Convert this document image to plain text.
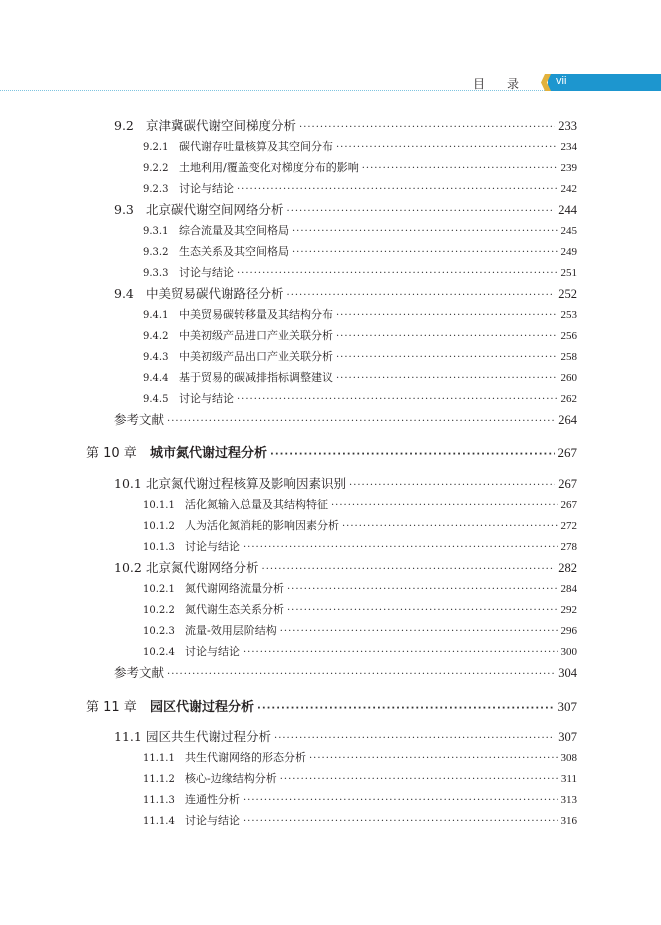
目录 vii
9.2 京津冀碳代谢空间梯度分析 ·····	233
9.2.1 碳代谢存吐量核算及其空间分布 ·····	234
9.2.2 土地利用/覆盖变化对梯度分布的影响 ·····	239
9.2.3 讨论与结论 ·····	242
9.3 北京碳代谢空间网络分析 ·····	244
9.3.1 综合流量及其空间格局 ·····	245
9.3.2 生态关系及其空间格局 ·····	249
9.3.3 讨论与结论 ·····	251
9.4 中美贸易碳代谢路径分析 ·····	252
9.4.1 中美贸易碳转移量及其结构分布 ·····	253
9.4.2 中美初级产品进口产业关联分析 ·····	256
9.4.3 中美初级产品出口产业关联分析 ·····	258
9.4.4 基于贸易的碳减排指标调整建议 ·····	260
9.4.5 讨论与结论 ·····	262
参考文献 ·····	264
第 10 章	城市氮代谢过程分析 ·····	267
10.1 北京氮代谢过程核算及影响因素识别 ·····	267
10.1.1 活化氮输入总量及其结构特征 ·····	267
10.1.2 人为活化氮消耗的影响因素分析 ·····	272
10.1.3 讨论与结论 ·····	278
10.2 北京氮代谢网络分析 ·····	282
10.2.1 氮代谢网络流量分析 ·····	284
10.2.2 氮代谢生态关系分析 ·····	292
10.2.3 流量-效用层阶结构 ·····	296
10.2.4 讨论与结论 ·····	300
参考文献 ·····	304
第 11 章	园区代谢过程分析 ·····	307
11.1 园区共生代谢过程分析 ·····	307
11.1.1 共生代谢网络的形态分析 ·····	308
11.1.2 核心-边缘结构分析 ·····	311
11.1.3 连通性分析 ·····	313
11.1.4 讨论与结论 ·····	316
